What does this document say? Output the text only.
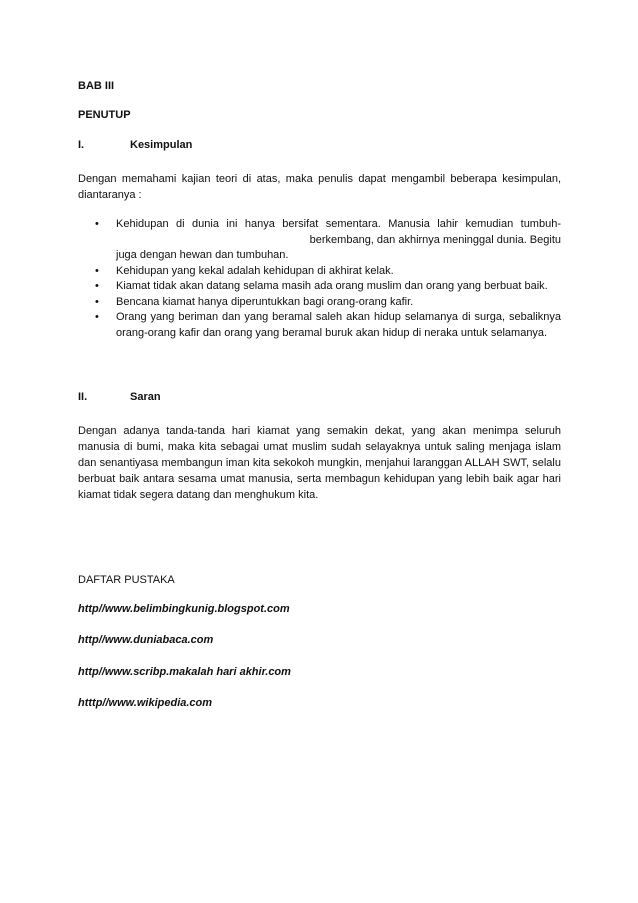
BAB III
PENUTUP
I.	Kesimpulan
Dengan memahami kajian teori di atas, maka penulis dapat mengambil beberapa kesimpulan, diantaranya :
• Kehidupan di dunia ini hanya bersifat sementara. Manusia lahir kemudian tumbuh-
berkembang, dan akhirnya meninggal dunia. Begitu
juga dengan hewan dan tumbuhan.
• Kehidupan yang kekal adalah kehidupan di akhirat kelak.
• Kiamat tidak akan datang selama masih ada orang muslim dan orang yang berbuat baik.
• Bencana kiamat hanya diperuntukkan bagi orang-orang kafir.
• Orang yang beriman dan yang beramal saleh akan hidup selamanya di surga, sebaliknya orang-orang kafir dan orang yang beramal buruk akan hidup di neraka untuk selamanya.
II.	Saran
Dengan adanya tanda-tanda hari kiamat yang semakin dekat, yang akan menimpa seluruh manusia di bumi, maka kita sebagai umat muslim sudah selayaknya untuk saling menjaga islam dan senantiyasa membangun iman kita sekokoh mungkin, menjahui laranggan ALLAH SWT, selalu berbuat baik antara sesama umat manusia, serta membagun kehidupan yang lebih baik agar hari kiamat tidak segera datang dan menghukum kita.
DAFTAR PUSTAKA
http//www.belimbingkunig.blogspot.com
http//www.duniabaca.com
http//www.scribp.makalah hari akhir.com
htttp//www.wikipedia.com
